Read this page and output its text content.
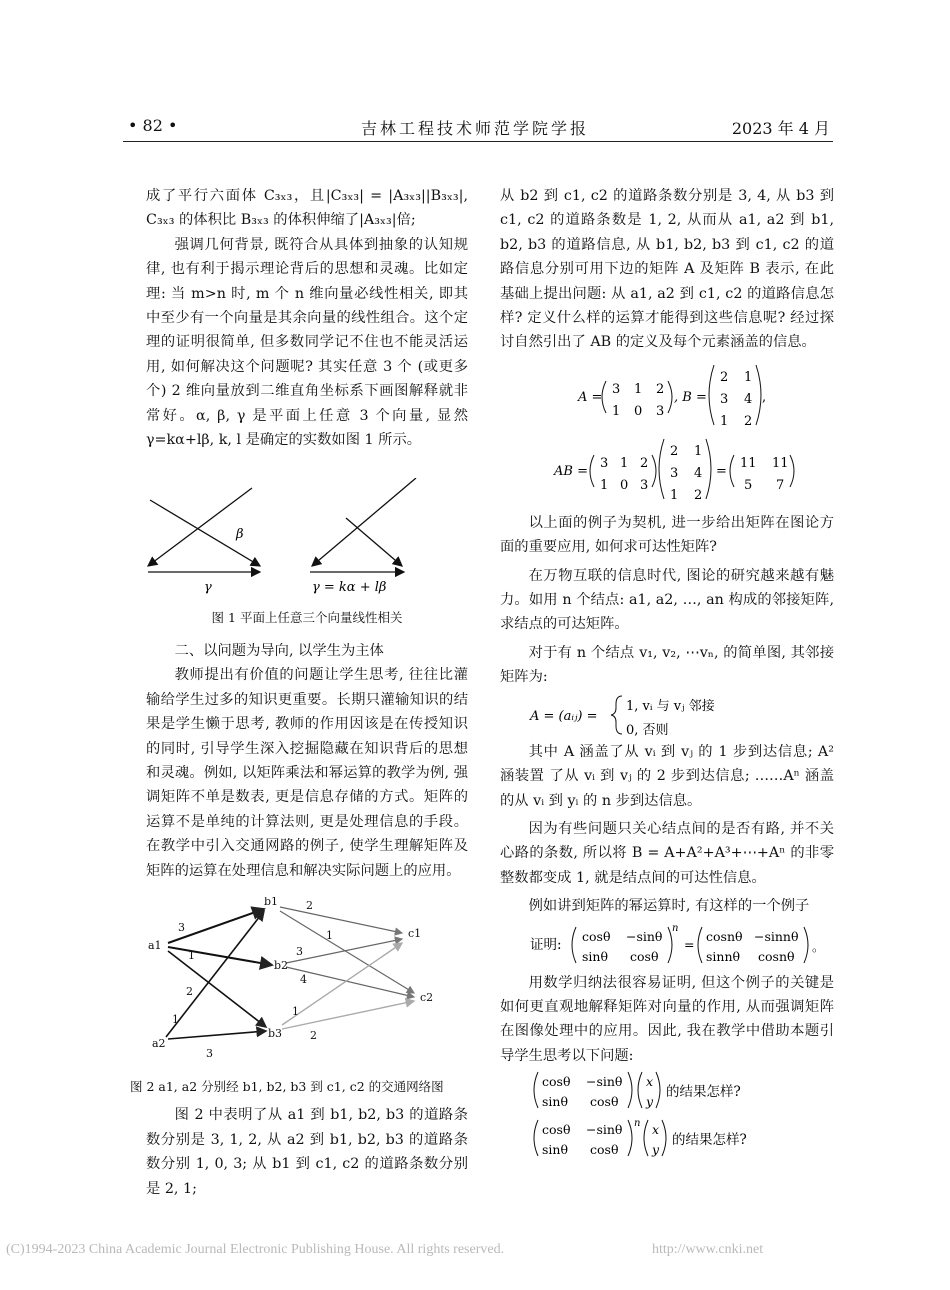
• 82 •	吉林工程技术师范学院学报	2023 年 4 月

成了平行六面体 C₃ₓ₃，且|C₃ₓ₃| = |A₃ₓ₃||B₃ₓ₃|, C₃ₓ₃ 的体积比 B₃ₓ₃ 的体积伸缩了|A₃ₓ₃|倍;

强调几何背景, 既符合从具体到抽象的认知规律, 也有利于揭示理论背后的思想和灵魂。比如定理: 当 m>n 时, m 个 n 维向量必线性相关, 即其中至少有一个向量是其余向量的线性组合。这个定理的证明很简单, 但多数同学记不住也不能灵活运用, 如何解决这个问题呢? 其实任意 3 个 (或更多个) 2 维向量放到二维直角坐标系下画图解释就非常好。α, β, γ 是平面上任意 3 个向量, 显然 γ=kα+lβ, k, l 是确定的实数如图 1 所示。

β
γ	γ = kα + lβ

图 1 平面上任意三个向量线性相关

二、以问题为导向, 以学生为主体

教师提出有价值的问题让学生思考, 往往比灌输给学生过多的知识更重要。长期只灌输知识的结果是学生懒于思考, 教师的作用因该是在传授知识的同时, 引导学生深入挖掘隐藏在知识背后的思想和灵魂。例如, 以矩阵乘法和幂运算的教学为例, 强调矩阵不单是数表, 更是信息存储的方式。矩阵的运算不是单纯的计算法则, 更是处理信息的手段。在教学中引入交通网路的例子, 使学生理解矩阵及矩阵的运算在处理信息和解决实际问题上的应用。

a1
a2
b1
b2
b3
c1
c2
3
1
2
1
3
2
1
3
4
1
2

图 2 a1, a2 分别经 b1, b2, b3 到 c1, c2 的交通网络图

图 2 中表明了从 a1 到 b1, b2, b3 的道路条数分别是 3, 1, 2, 从 a2 到 b1, b2, b3 的道路条数分别 1, 0, 3; 从 b1 到 c1, c2 的道路条数分别是 2, 1;

从 b2 到 c1, c2 的道路条数分别是 3, 4, 从 b3 到 c1, c2 的道路条数是 1, 2, 从而从 a1, a2 到 b1, b2, b3 的道路信息, 从 b1, b2, b3 到 c1, c2 的道路信息分别可用下边的矩阵 A 及矩阵 B 表示, 在此基础上提出问题: 从 a1, a2 到 c1, c2 的道路信息怎样? 定义什么样的运算才能得到这些信息呢? 经过探讨自然引出了 AB 的定义及每个元素涵盖的信息。

A =
3 1 2
1 0 3
, B =
2 1
3 4
1 2
,
AB =
3 1 2
1 0 3
2 1
3 4
1 2
=
11 11
5 7

以上面的例子为契机, 进一步给出矩阵在图论方面的重要应用, 如何求可达性矩阵?

在万物互联的信息时代, 图论的研究越来越有魅力。如用 n 个结点: a1, a2, …, an 构成的邻接矩阵, 求结点的可达矩阵。

对于有 n 个结点 v₁, v₂, ⋯vₙ, 的简单图, 其邻接矩阵为:

A = (aᵢⱼ) =
1, vᵢ 与 vⱼ 邻接
0, 否则

其中 A 涵盖了从 vᵢ 到 vⱼ 的 1 步到达信息; A² 涵装置 了从 vᵢ 到 vⱼ 的 2 步到达信息; ……Aⁿ 涵盖的从 vᵢ 到 yᵢ 的 n 步到达信息。

因为有些问题只关心结点间的是否有路, 并不关心路的条数, 所以将 B = A+A²+A³+⋯+Aⁿ 的非零整数都变成 1, 就是结点间的可达性信息。

例如讲到矩阵的幂运算时, 有这样的一个例子

证明:
cosθ −sinθ
sinθ cosθ
n
=
cosnθ −sinnθ
sinnθ cosnθ
。

用数学归纳法很容易证明, 但这个例子的关键是如何更直观地解释矩阵对向量的作用, 从而强调矩阵在图像处理中的应用。因此, 我在教学中借助本题引导学生思考以下问题:

cosθ −sinθ
sinθ cosθ
x
y
的结果怎样?
cosθ −sinθ
sinθ cosθ
n x
y
的结果怎样?
(C)1994-2023 China Academic Journal Electronic Publishing House. All rights reserved.	http://www.cnki.net
